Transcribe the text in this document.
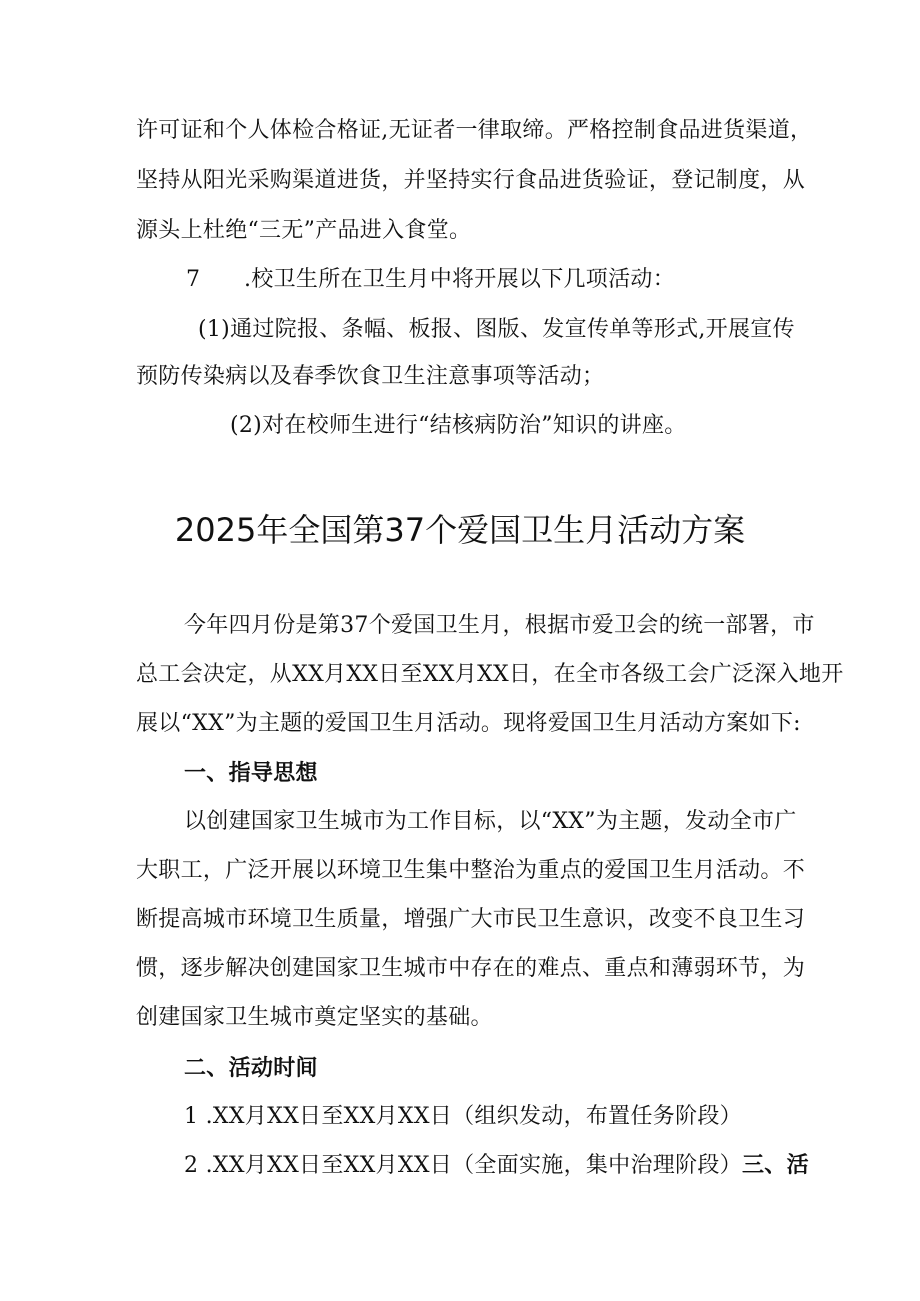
许可证和个人体检合格证,无证者一律取缔。严格控制食品进货渠道，
坚持从阳光采购渠道进货，并坚持实行食品进货验证，登记制度，从
源头上杜绝“三无”产品进入食堂。
7 .校卫生所在卫生月中将开展以下几项活动：
(1)通过院报、条幅、板报、图版、发宣传单等形式,开展宣传
预防传染病以及春季饮食卫生注意事项等活动；
(2)对在校师生进行“结核病防治”知识的讲座。
2025年全国第37个爱国卫生月活动方案
今年四月份是第37个爱国卫生月，根据市爱卫会的统一部署，市
总工会决定，从XX月XX日至XX月XX日，在全市各级工会广泛深入地开
展以“XX”为主题的爱国卫生月活动。现将爱国卫生月活动方案如下:
一、指导思想
以创建国家卫生城市为工作目标，以“XX”为主题，发动全市广
大职工，广泛开展以环境卫生集中整治为重点的爱国卫生月活动。不
断提高城市环境卫生质量，增强广大市民卫生意识，改变不良卫生习
惯，逐步解决创建国家卫生城市中存在的难点、重点和薄弱环节，为
创建国家卫生城市奠定坚实的基础。
二、活动时间
1 .XX月XX日至XX月XX日（组织发动，布置任务阶段）
2 .XX月XX日至XX月XX日（全面实施，集中治理阶段）三、活
